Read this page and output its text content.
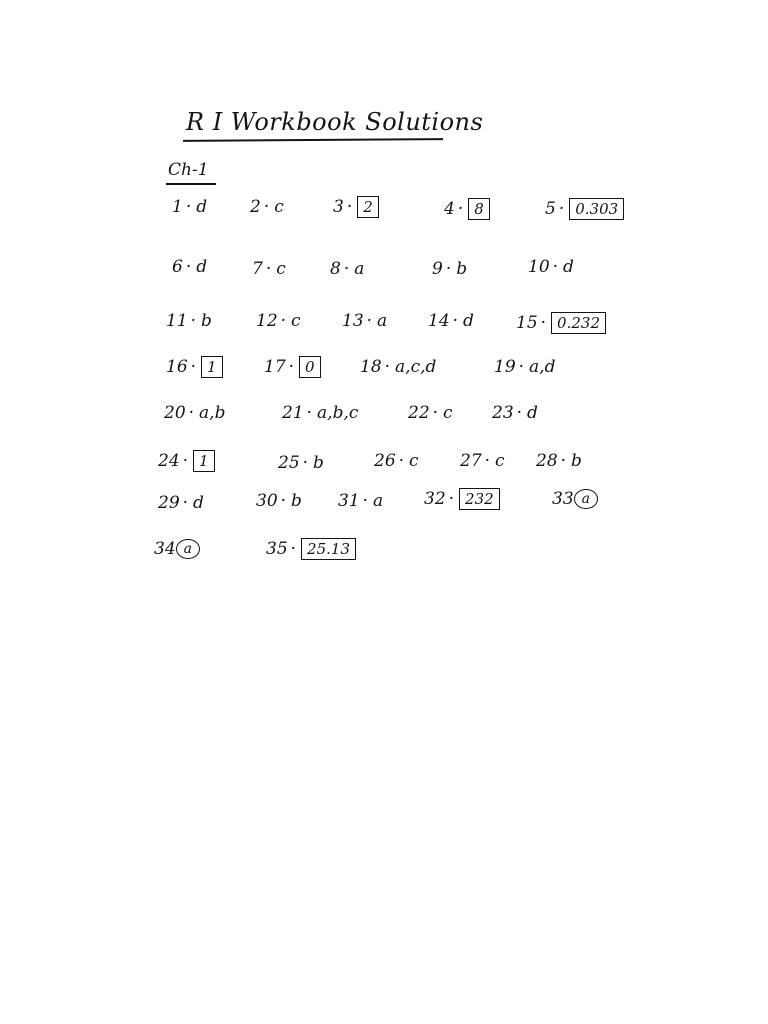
R I Workbook Solutions
Ch-1
1 · d	2 · c	3 · 2	4 · 8	5 · 0.303
6 · d	7 · c	8 · a	9 · b	10 · d
11 · b	12 · c 13 · a 14 · d 15 · 0.232
16 · 1	17 · 0	18 · a,c,d	19 · a,d
20 · a,b	21 · a,b,c	22 · c 23 · d
24 · 1	25 · b	26 · c 27 · c 28 · b
29 · d	30 · b 31 · a 32 · 232	33 a
34 a	35 · 25.13
